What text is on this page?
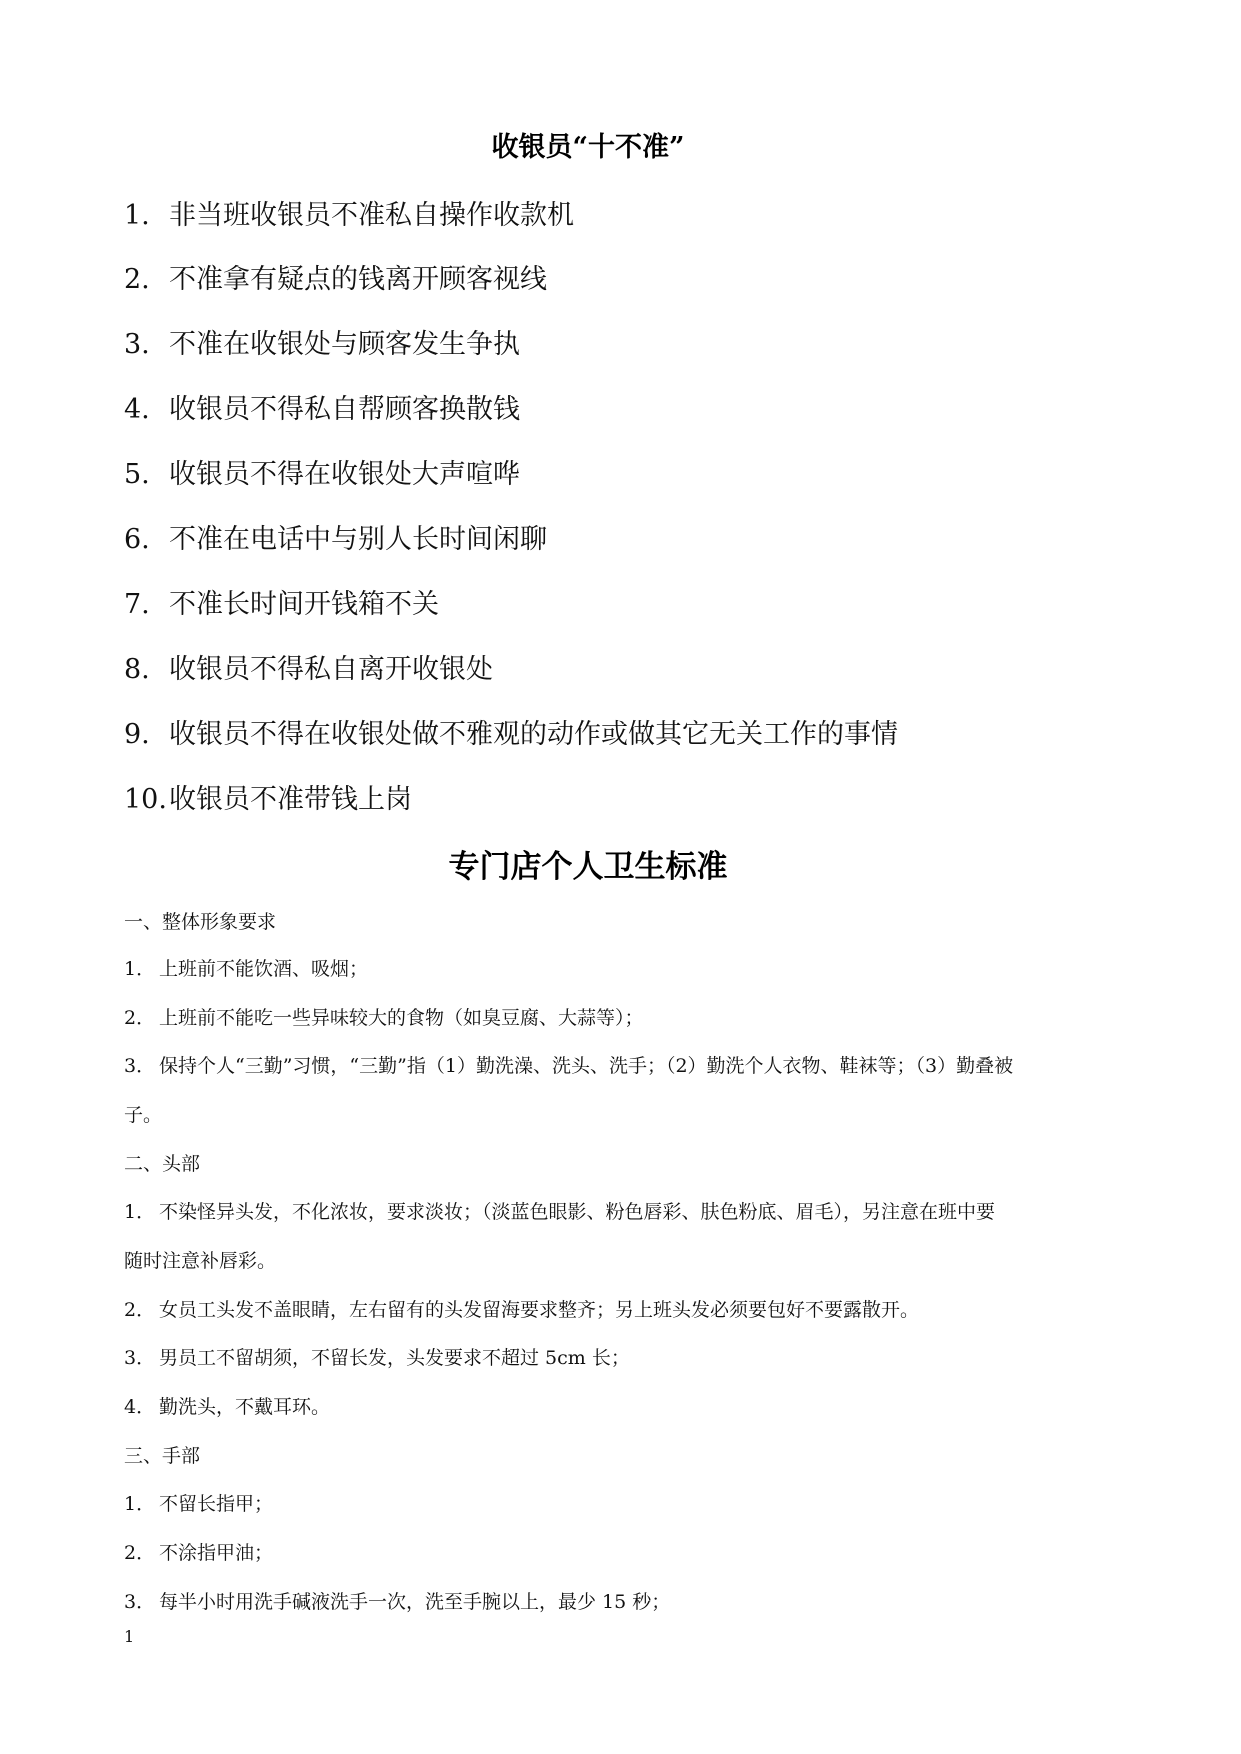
收银员“十不准”
1. 非当班收银员不准私自操作收款机
2. 不准拿有疑点的钱离开顾客视线
3. 不准在收银处与顾客发生争执
4. 收银员不得私自帮顾客换散钱
5. 收银员不得在收银处大声喧哗
6. 不准在电话中与别人长时间闲聊
7. 不准长时间开钱箱不关
8. 收银员不得私自离开收银处
9. 收银员不得在收银处做不雅观的动作或做其它无关工作的事情
10. 收银员不准带钱上岗
专门店个人卫生标准
一、整体形象要求
1． 上班前不能饮酒、吸烟；
2． 上班前不能吃一些异味较大的食物（如臭豆腐、大蒜等）；
3． 保持个人“三勤”习惯，“三勤”指（1）勤洗澡、洗头、洗手；（2）勤洗个人衣物、鞋袜等；（3）勤叠被
子。
二、头部
1． 不染怪异头发，不化浓妆，要求淡妆；（淡蓝色眼影、粉色唇彩、肤色粉底、眉毛），另注意在班中要
随时注意补唇彩。
2． 女员工头发不盖眼睛，左右留有的头发留海要求整齐；另上班头发必须要包好不要露散开。
3． 男员工不留胡须，不留长发，头发要求不超过 5cm 长；
4． 勤洗头，不戴耳环。
三、手部
1． 不留长指甲；
2． 不涂指甲油；
3． 每半小时用洗手碱液洗手一次，洗至手腕以上，最少 15 秒；
1
